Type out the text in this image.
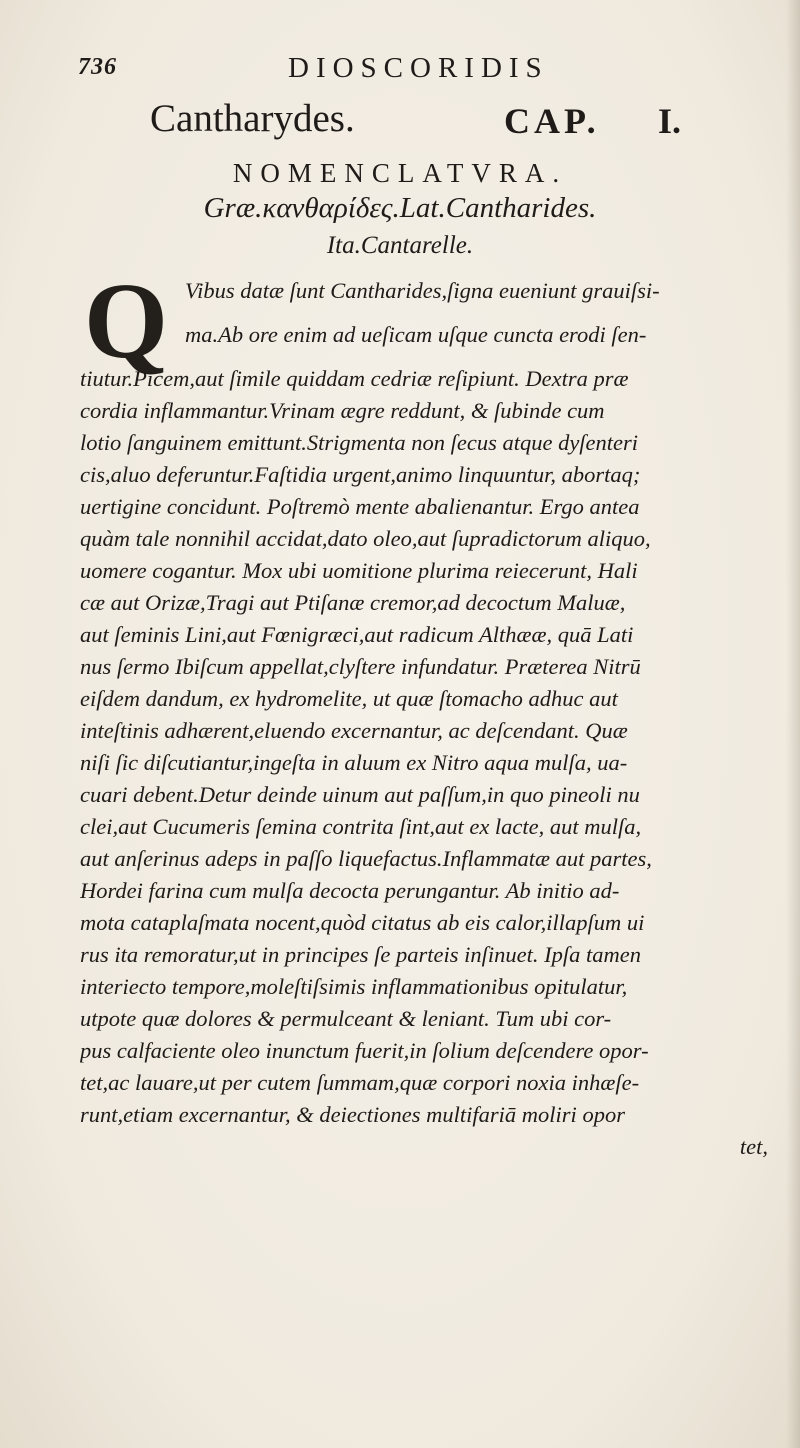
736	DIOSCORIDIS
Cantharydes.	CAP. I.
NOMENCLATVRA.
Græ.κανθαρίδες.Lat.Cantharides.
Ita.Cantarelle.
Q Vibus datæ ſunt Cantharides,ſigna eueniunt grauiſsi-
ma.Ab ore enim ad ueſicam uſque cuncta erodi ſen-
tiutur.Picem,aut ſimile quiddam cedriæ reſipiunt. Dextra præ
cordia inflammantur.Vrinam ægre reddunt, & ſubinde cum
lotio ſanguinem emittunt.Strigmenta non ſecus atque dyſenteri
cis,aluo deferuntur.Faſtidia urgent,animo linquuntur, abortaq;
uertigine concidunt. Poſtremò mente abalienantur. Ergo antea
quàm tale nonnihil accidat,dato oleo,aut ſupradictorum aliquo,
uomere cogantur. Mox ubi uomitione plurima reiecerunt, Hali
cæ aut Orizæ,Tragi aut Ptiſanæ cremor,ad decoctum Maluæ,
aut ſeminis Lini,aut Fœnigræci,aut radicum Althææ, quā Lati
nus ſermo Ibiſcum appellat,clyſtere infundatur. Præterea Nitrū
eiſdem dandum, ex hydromelite, ut quæ ſtomacho adhuc aut
inteſtinis adhærent,eluendo excernantur, ac deſcendant. Quæ
niſi ſic diſcutiantur,ingeſta in aluum ex Nitro aqua mulſa, ua-
cuari debent.Detur deinde uinum aut paſſum,in quo pineoli nu
clei,aut Cucumeris ſemina contrita ſint,aut ex lacte, aut mulſa,
aut anſerinus adeps in paſſo liquefactus.Inflammatæ aut partes,
Hordei farina cum mulſa decocta perungantur. Ab initio ad-
mota cataplaſmata nocent,quòd citatus ab eis calor,illapſum ui
rus ita remoratur,ut in principes ſe parteis inſinuet. Ipſa tamen
interiecto tempore,moleſtiſsimis inflammationibus opitulatur,
utpote quæ dolores & permulceant & leniant. Tum ubi cor-
pus calfaciente oleo inunctum fuerit,in ſolium deſcendere opor-
tet,ac lauare,ut per cutem ſummam,quæ corpori noxia inhæſe-
runt,etiam excernantur, & deiectiones multifariā moliri opor
tet,
